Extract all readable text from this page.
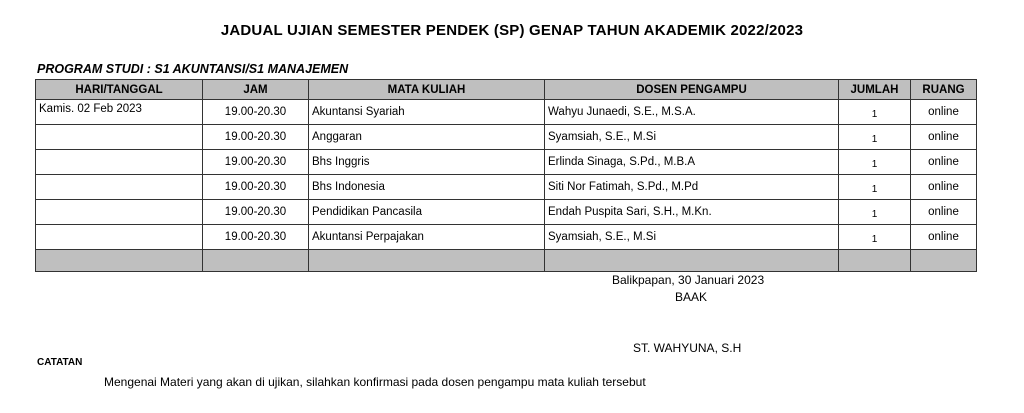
JADUAL UJIAN SEMESTER PENDEK (SP) GENAP TAHUN AKADEMIK 2022/2023
PROGRAM STUDI : S1 AKUNTANSI/S1 MANAJEMEN
HARI/TANGGAL	JAM	MATA KULIAH	DOSEN PENGAMPU	JUMLAH	RUANG
Kamis. 02 Feb 2023	19.00-20.30	Akuntansi Syariah	Wahyu Junaedi, S.E., M.S.A.	1	online
	19.00-20.30	Anggaran	Syamsiah, S.E., M.Si	1	online
	19.00-20.30	Bhs Inggris	Erlinda Sinaga, S.Pd., M.B.A	1	online
	19.00-20.30	Bhs Indonesia	Siti Nor Fatimah, S.Pd., M.Pd	1	online
	19.00-20.30	Pendidikan Pancasila	Endah Puspita Sari, S.H., M.Kn.	1	online
	19.00-20.30	Akuntansi Perpajakan	Syamsiah, S.E., M.Si	1	online

Balikpapan, 30 Januari 2023
BAAK
ST. WAHYUNA, S.H
CATATAN
Mengenai Materi yang akan di ujikan, silahkan konfirmasi pada dosen pengampu mata kuliah tersebut
